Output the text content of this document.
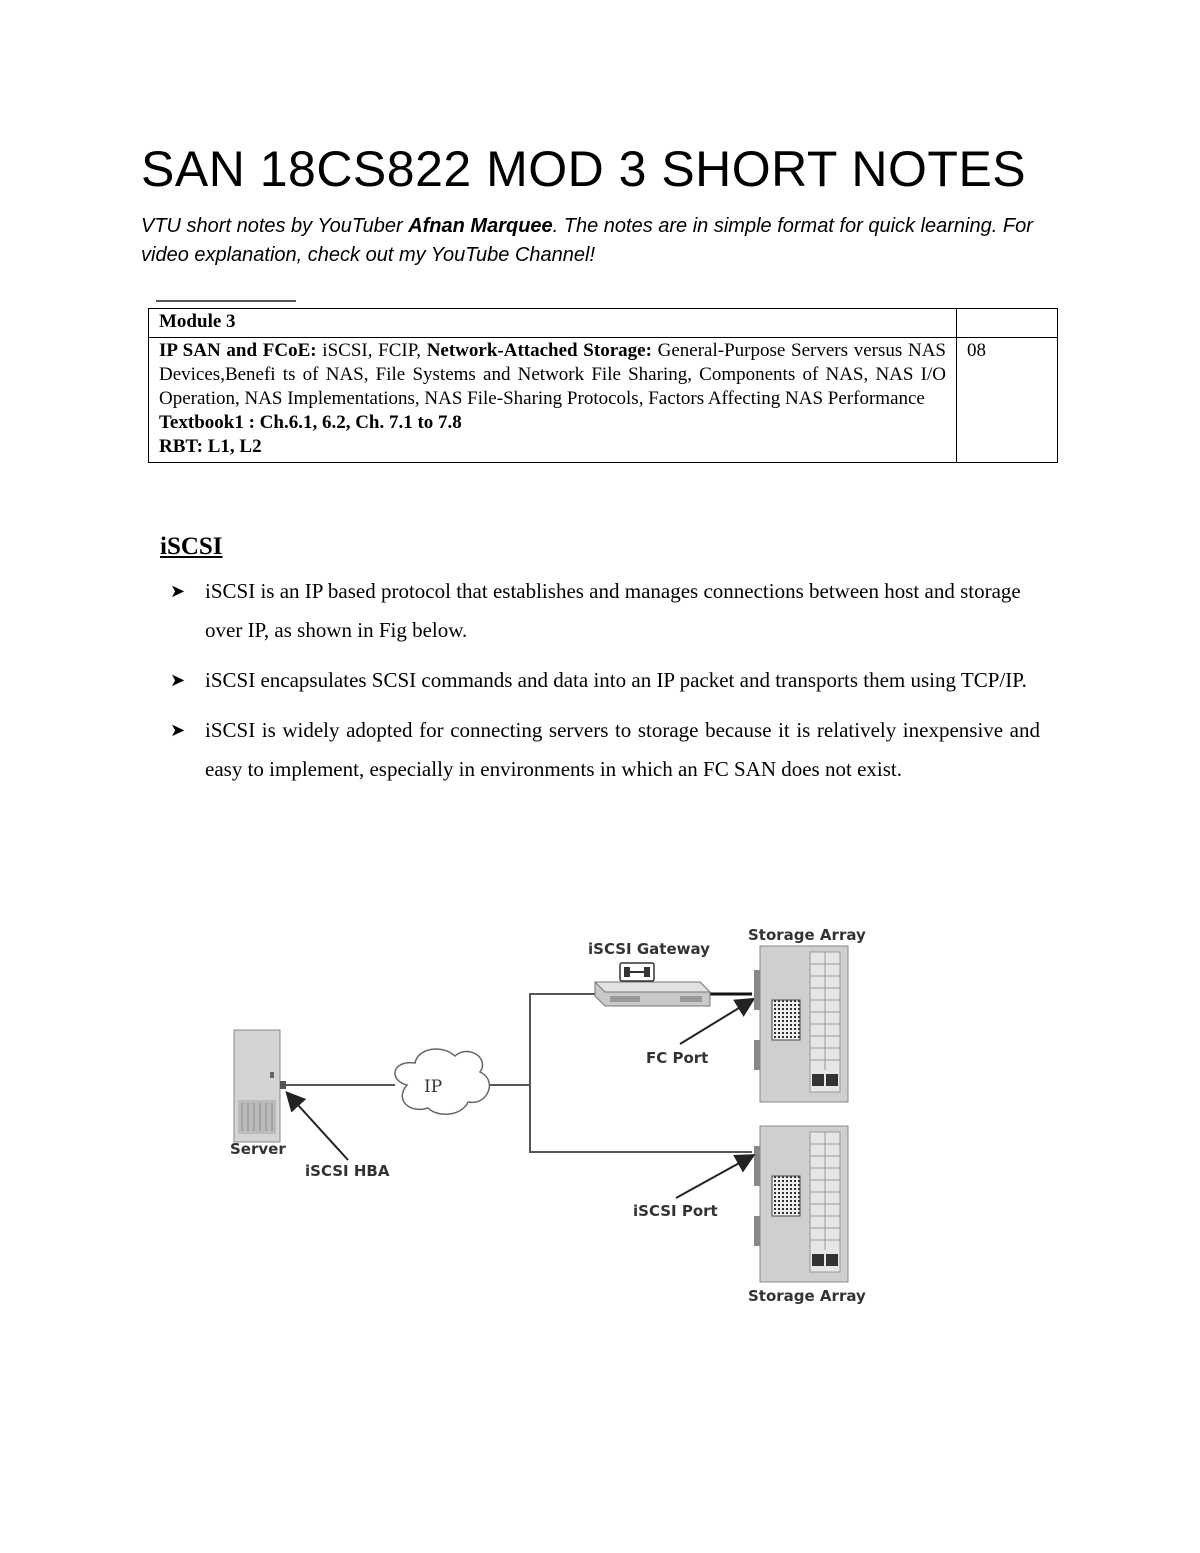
SAN 18CS822 MOD 3 SHORT NOTES

VTU short notes by YouTuber Afnan Marquee. The notes are in simple format for quick learning. For video explanation, check out my YouTube Channel!

Module 3	

IP SAN and FCoE: iSCSI, FCIP, Network-Attached Storage: General-Purpose Servers versus NAS Devices,Benefi ts of NAS, File Systems and Network File Sharing, Components of NAS, NAS I/O Operation, NAS Implementations, NAS File-Sharing Protocols, Factors Affecting NAS Performance
Textbook1 : Ch.6.1, 6.2, Ch. 7.1 to 7.8
RBT: L1, L2	08
iSCSI
➤ iSCSI is an IP based protocol that establishes and manages connections between host and storage over IP, as shown in Fig below.
➤ iSCSI encapsulates SCSI commands and data into an IP packet and transports them using TCP/IP.
➤ iSCSI is widely adopted for connecting servers to storage because it is relatively inexpensive and easy to implement, especially in environments in which an FC SAN does not exist.
Server
iSCSI HBA
IP
iSCSI Gateway
FC Port
Storage Array
iSCSI Port
Storage Array
